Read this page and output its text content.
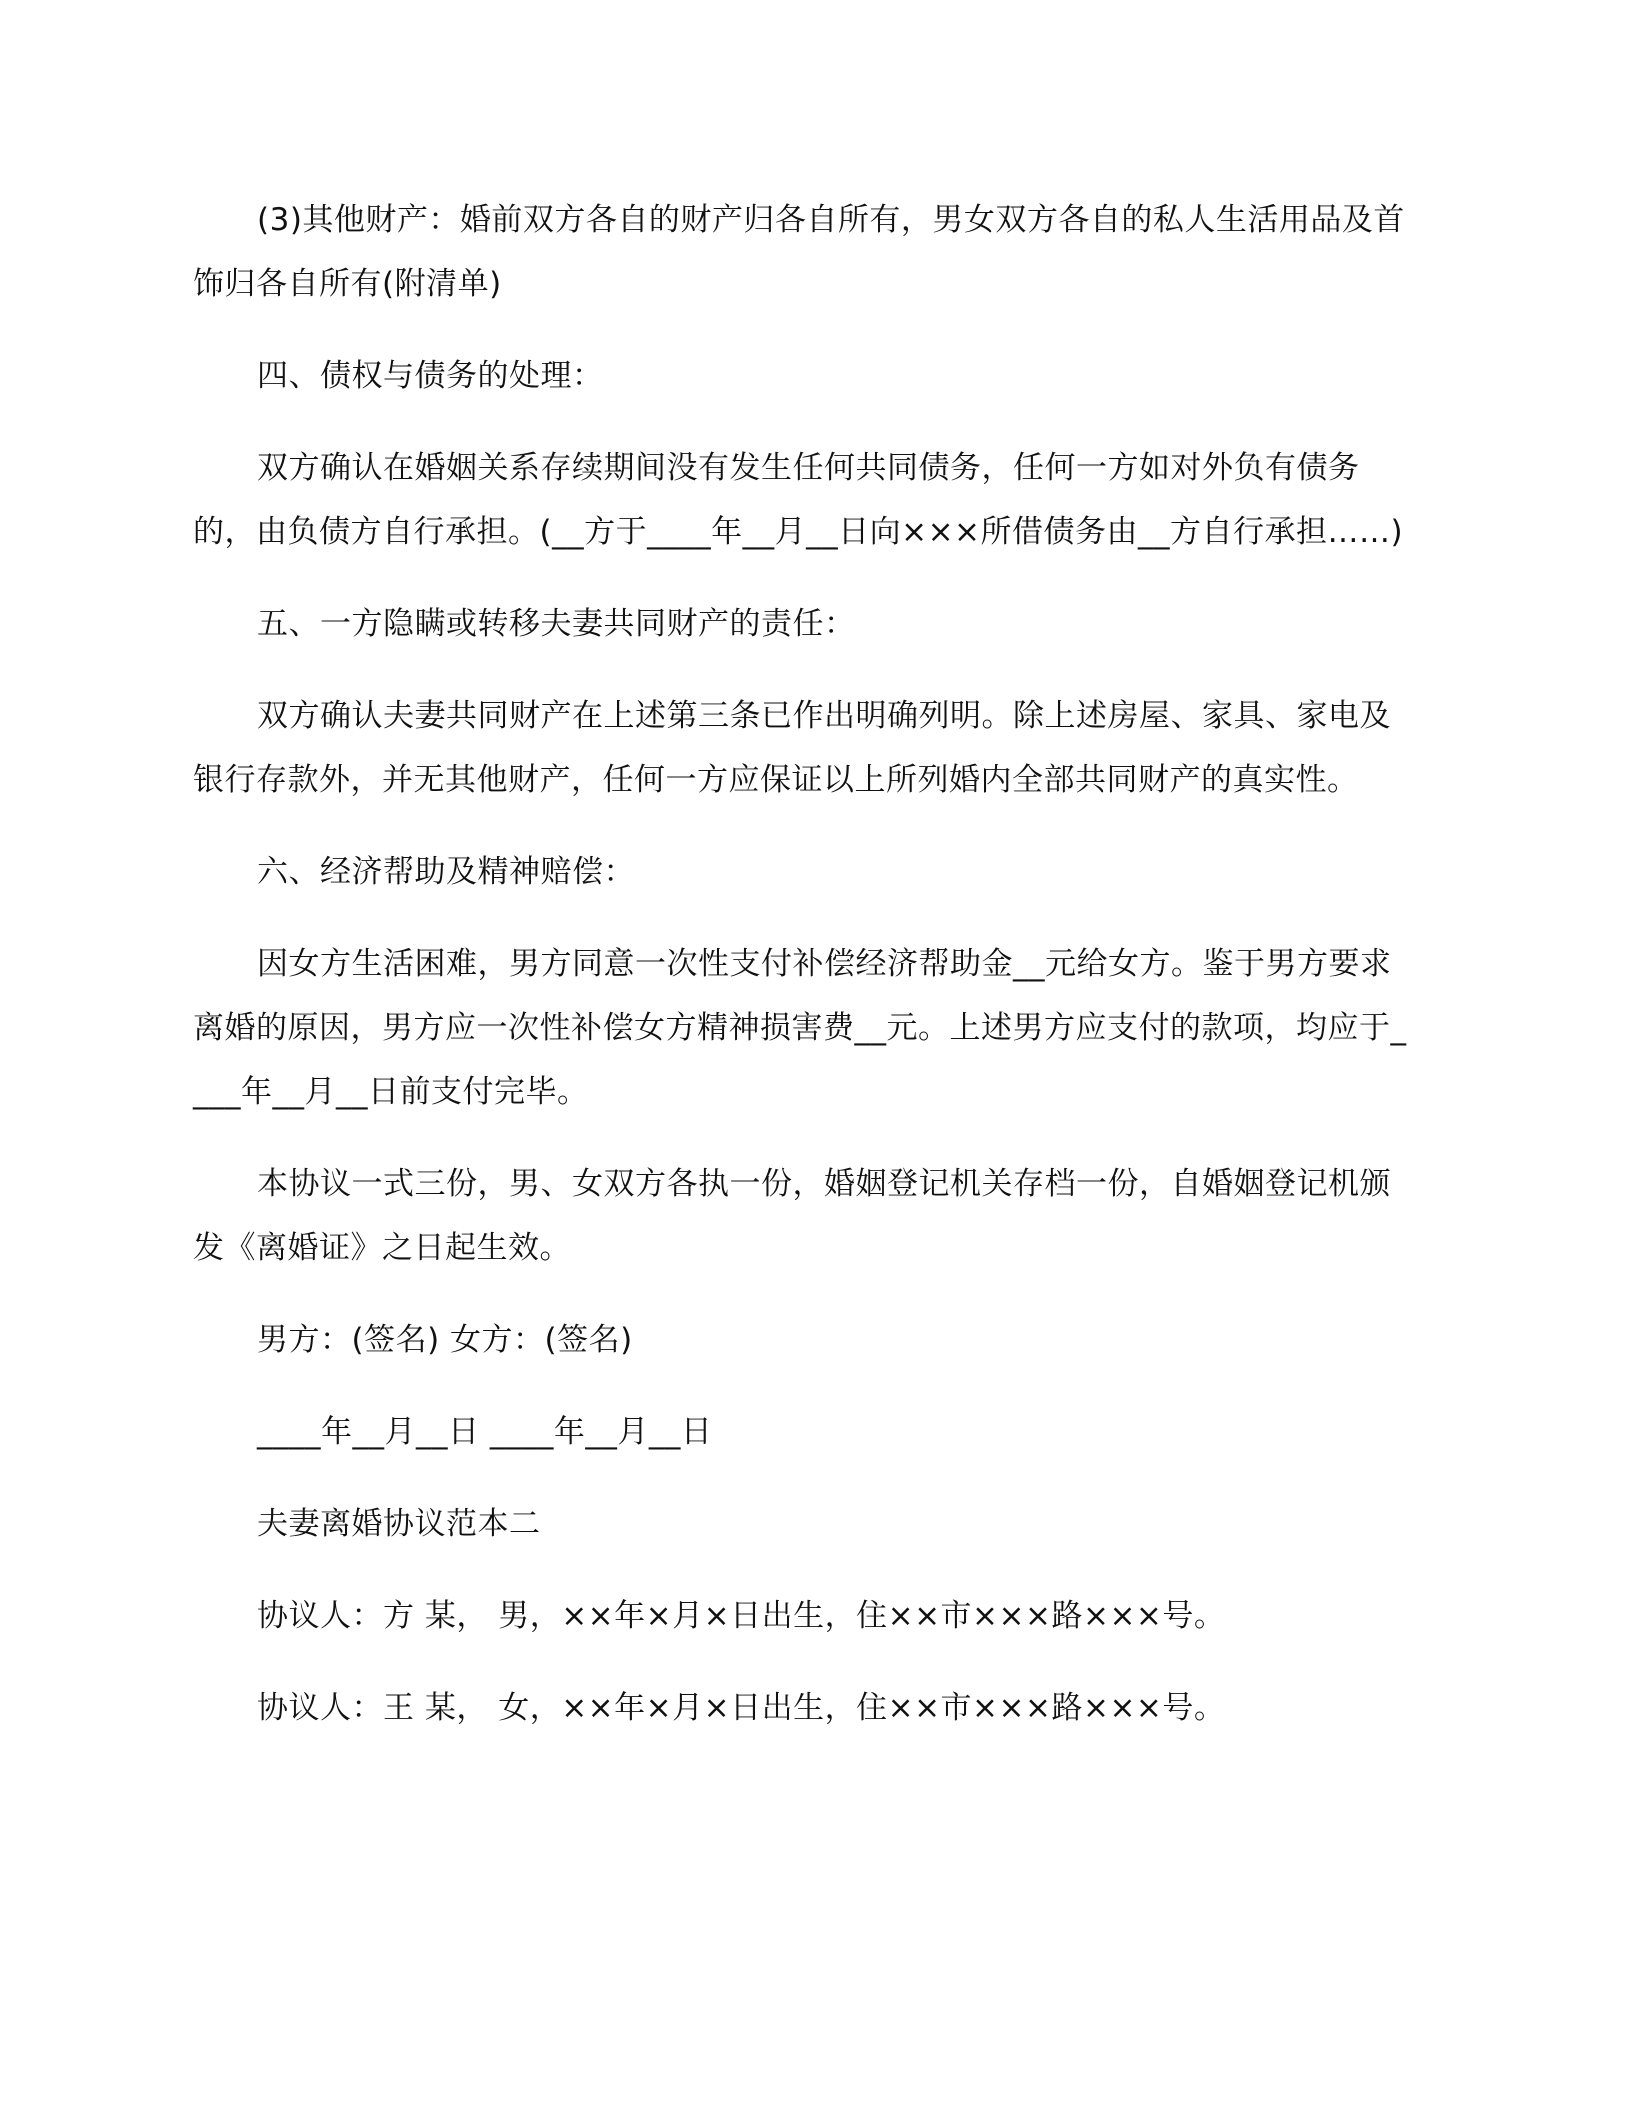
(3)其他财产：婚前双方各自的财产归各自所有，男女双方各自的私人生活用品及首饰归各自所有(附清单)

四、债权与债务的处理：

双方确认在婚姻关系存续期间没有发生任何共同债务，任何一方如对外负有债务的，由负债方自行承担。(__方于____年__月__日向×××所借债务由__方自行承担……)

五、一方隐瞒或转移夫妻共同财产的责任：

双方确认夫妻共同财产在上述第三条已作出明确列明。除上述房屋、家具、家电及银行存款外，并无其他财产，任何一方应保证以上所列婚内全部共同财产的真实性。

六、经济帮助及精神赔偿：

因女方生活困难，男方同意一次性支付补偿经济帮助金__元给女方。鉴于男方要求离婚的原因，男方应一次性补偿女方精神损害费__元。上述男方应支付的款项，均应于____年__月__日前支付完毕。

本协议一式三份，男、女双方各执一份，婚姻登记机关存档一份，自婚姻登记机颁发《离婚证》之日起生效。

男方：(签名) 女方：(签名)

____年__月__日 ____年__月__日

夫妻离婚协议范本二

协议人：方 某， 男，××年×月×日出生，住××市×××路×××号。

协议人：王 某， 女，××年×月×日出生，住××市×××路×××号。
